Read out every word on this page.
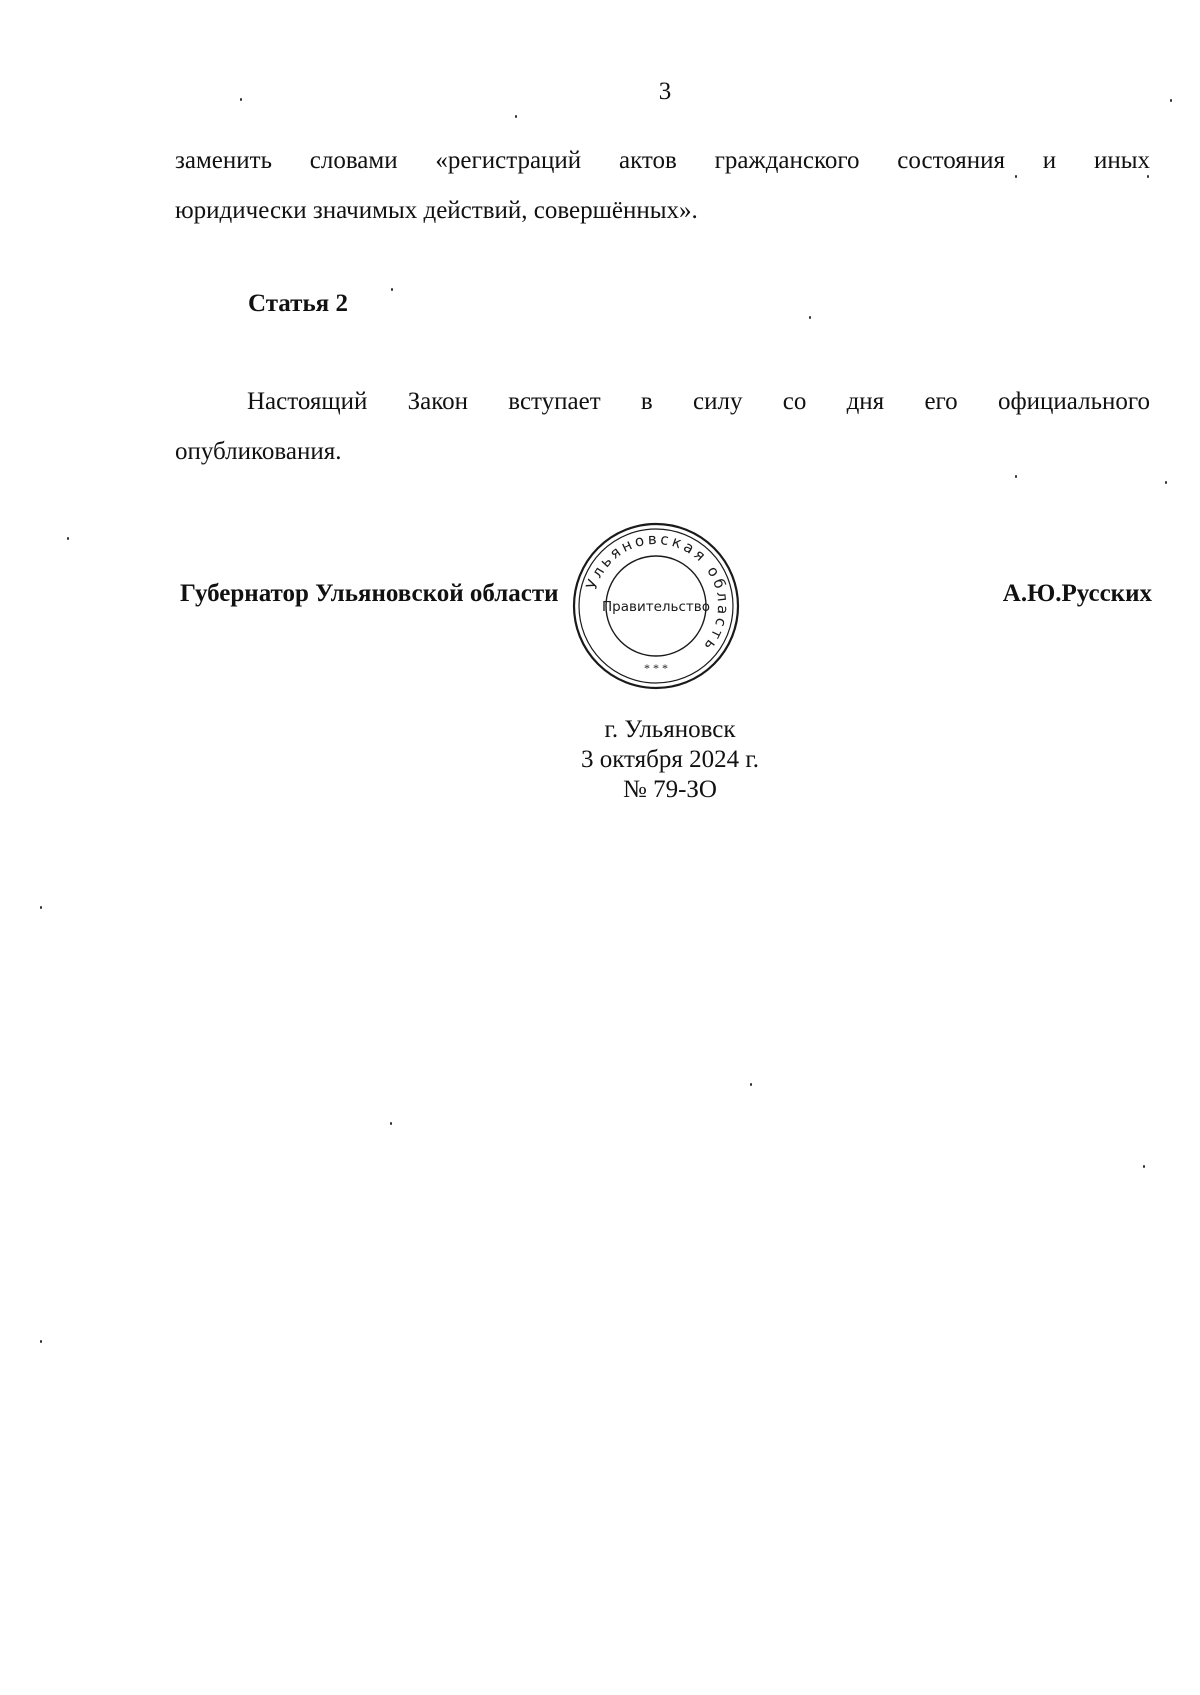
3
заменить словами «регистраций актов гражданского состояния и иных
юридически значимых действий, совершённых».
Статья 2
Настоящий Закон вступает в силу со дня его официального
опубликования.
Губернатор Ульяновской области	А.Ю.Русских
Ульяновская область
Правительство
* * *
г. Ульяновск
3 октября 2024 г.
№ 79-ЗО
